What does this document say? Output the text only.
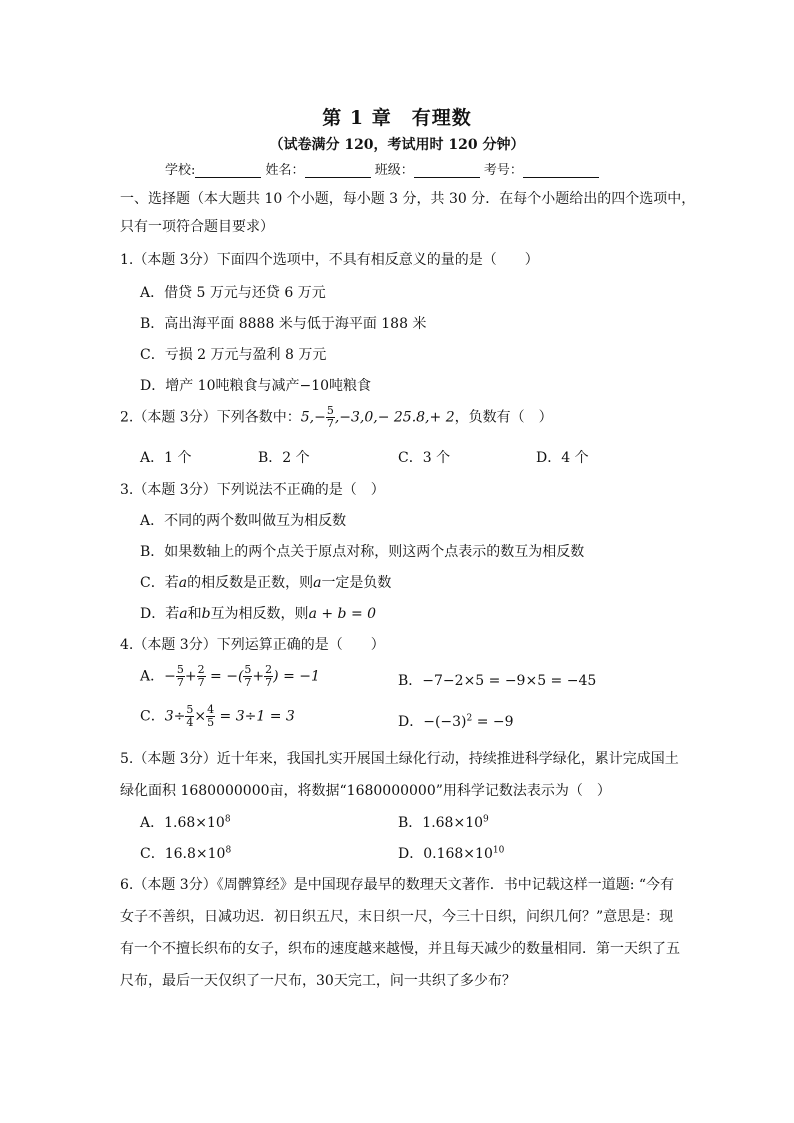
第 1 章　有理数
（试卷满分 120，考试用时 120 分钟）
学校:	姓名：	班级：	考号：
一、选择题（本大题共 10 个小题，每小题 3 分，共 30 分．在每个小题给出的四个选项中，
只有一项符合题目要求）
1.（本题 3分）下面四个选项中，不具有相反意义的量的是（　　）
A．借贷 5 万元与还贷 6 万元
B．高出海平面 8888 米与低于海平面 188 米
C．亏损 2 万元与盈利 8 万元
D．增产 10吨粮食与减产−10吨粮食
2.（本题 3分）下列各数中：$5,- \frac{5}{7} ,-3,0,- 25.8,+ 2$，负数有（　）
A．1 个	B．2 个	C．3 个	D．4 个
3.（本题 3分）下列说法不正确的是（　）
A．不同的两个数叫做互为相反数
B．如果数轴上的两个点关于原点对称，则这两个点表示的数互为相反数
C．若a的相反数是正数，则a一定是负数
D．若a和b互为相反数，则a + b = 0
4.（本题 3分）下列运算正确的是（　　）
A．− $\frac{5}{7} + \frac{2}{7}$ = −( $\frac{5}{7} + \frac{2}{7}$ ) = −1	B．−7−2×5 = −9×5 = −45
C．$3\div \frac{5}{4} \times \frac{4}{5} = 3\div 1 = 3$	D．$-(-3)^2 = -9$
5.（本题 3分）近十年来，我国扎实开展国土绿化行动，持续推进科学绿化，累计完成国土
绿化面积 1680000000亩，将数据“1680000000”用科学记数法表示为（　）
A．$1.68\times 10^8$	B．$1.68\times 10^9$
C．$16.8\times 10^8$	D．$0.168\times 10^{10}$
6.（本题 3分）《周髀算经》是中国现存最早的数理天文著作．书中记载这样一道题: “今有
女子不善织，日减功迟．初日织五尺，末日织一尺，今三十日织，问织几何？”意思是：现
有一个不擅长织布的女子，织布的速度越来越慢，并且每天减少的数量相同．第一天织了五
尺布，最后一天仅织了一尺布，30天完工，问一共织了多少布？
